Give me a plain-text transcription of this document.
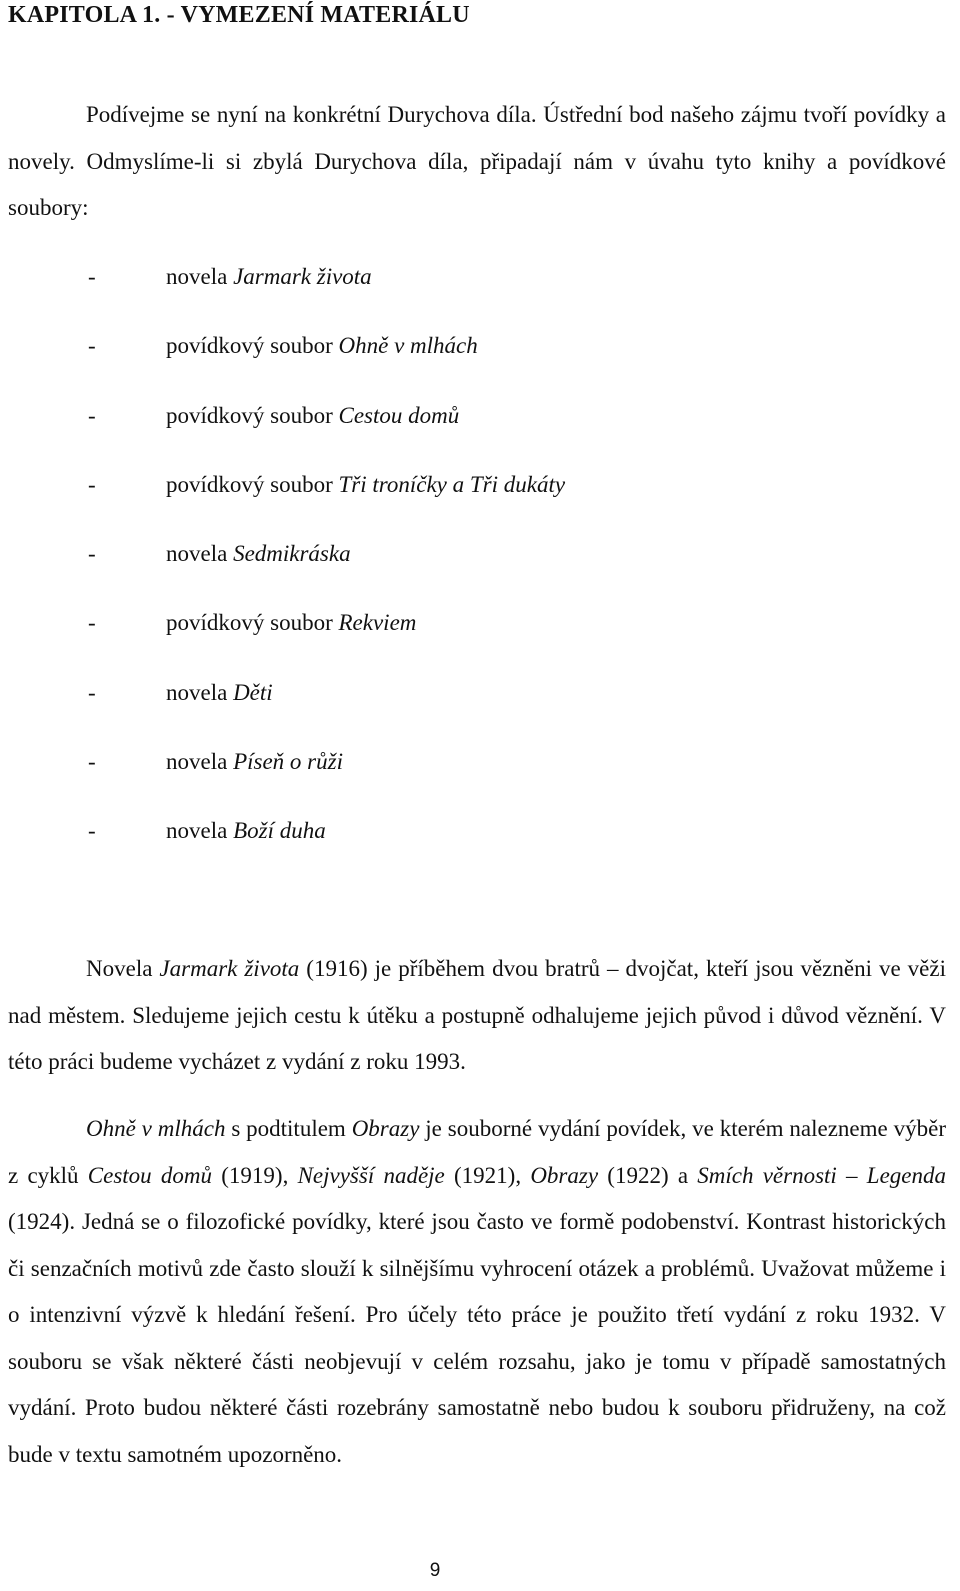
KAPITOLA 1. - VYMEZENÍ MATERIÁLU
Podívejme se nyní na konkrétní Durychova díla. Ústřední bod našeho zájmu tvoří povídky a novely. Odmyslíme-li si zbylá Durychova díla, připadají nám v úvahu tyto knihy a povídkové soubory:
-	novela Jarmark života
-	povídkový soubor Ohně v mlhách
-	povídkový soubor Cestou domů
-	povídkový soubor Tři troníčky a Tři dukáty
-	novela Sedmikráska
-	povídkový soubor Rekviem
-	novela Děti
-	novela Píseň o růži
-	novela Boží duha
Novela Jarmark života (1916) je příběhem dvou bratrů – dvojčat, kteří jsou vězněni ve věži nad městem. Sledujeme jejich cestu k útěku a postupně odhalujeme jejich původ i důvod věznění. V této práci budeme vycházet z vydání z roku 1993.
Ohně v mlhách s podtitulem Obrazy je souborné vydání povídek, ve kterém nalezneme výběr z cyklů Cestou domů (1919), Nejvyšší naděje (1921), Obrazy (1922) a Smích věrnosti – Legenda (1924). Jedná se o filozofické povídky, které jsou často ve formě podobenství. Kontrast historických či senzačních motivů zde často slouží k silnějšímu vyhrocení otázek a problémů. Uvažovat můžeme i o intenzivní výzvě k hledání řešení. Pro účely této práce je použito třetí vydání z roku 1932. V souboru se však některé části neobjevují v celém rozsahu, jako je tomu v případě samostatných vydání. Proto budou některé části rozebrány samostatně nebo budou k souboru přidruženy, na což bude v textu samotném upozorněno.
9
